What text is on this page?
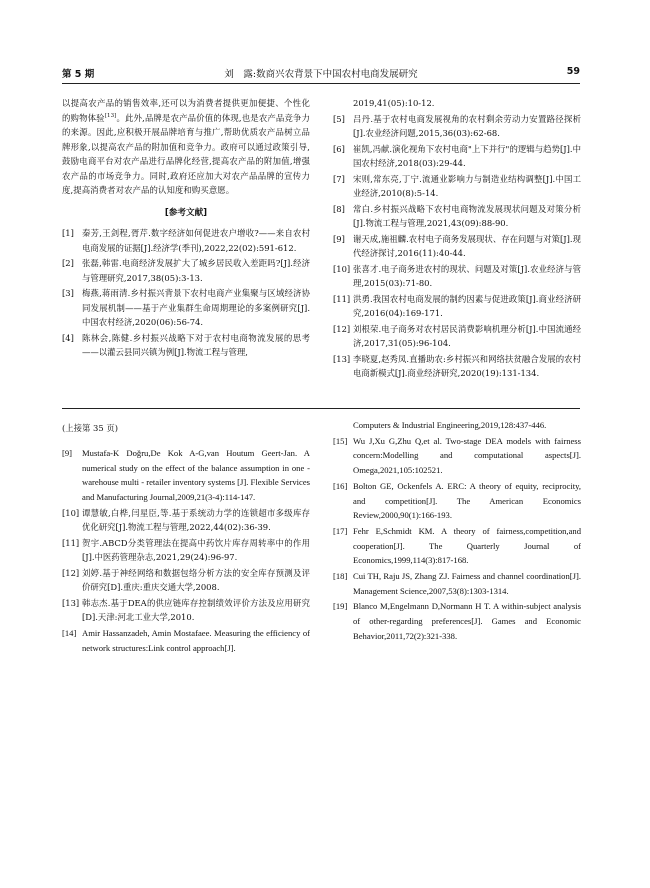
第 5 期	刘　露:数商兴农背景下中国农村电商发展研究	59

以提高农产品的销售效率,还可以为消费者提供更加便捷、个性化的购物体验[13]。此外,品牌是农产品价值的体现,也是农产品竞争力的来源。因此,应积极开展品牌培育与推广,帮助优质农产品树立品牌形象,以提高农产品的附加值和竞争力。政府可以通过政策引导,鼓励电商平台对农产品进行品牌化经营,提高农产品的附加值,增强农产品的市场竞争力。同时,政府还应加大对农产品品牌的宣传力度,提高消费者对农产品的认知度和购买意愿。

[参考文献]
[1] 秦芳,王剑程,胥芹.数字经济如何促进农户增收?——来自农村电商发展的证据[J].经济学(季刊),2022,22(02):591-612.
[2] 张磊,韩雷.电商经济发展扩大了城乡居民收入差距吗?[J].经济与管理研究,2017,38(05):3-13.
[3] 梅燕,蒋雨清.乡村振兴背景下农村电商产业集聚与区域经济协同发展机制——基于产业集群生命周期理论的多案例研究[J].中国农村经济,2020(06):56-74.
[4] 陈林会,陈健.乡村振兴战略下对于农村电商物流发展的思考——以灌云县同兴镇为例[J].物流工程与管理,
2019,41(05):10-12.
[5] 吕丹.基于农村电商发展视角的农村剩余劳动力安置路径探析[J].农业经济问题,2015,36(03):62-68.
[6] 崔凯,冯献.演化视角下农村电商"上下并行"的逻辑与趋势[J].中国农村经济,2018(03):29-44.
[7] 宋则,常东亮,丁宁.流通业影响力与制造业结构调整[J].中国工业经济,2010(8):5-14.
[8] 常白.乡村振兴战略下农村电商物流发展现状问题及对策分析[J].物流工程与管理,2021,43(09):88-90.
[9] 谢天成,施祖麟.农村电子商务发展现状、存在问题与对策[J].现代经济探讨,2016(11):40-44.
[10] 张喜才.电子商务进农村的现状、问题及对策[J].农业经济与管理,2015(03):71-80.
[11] 洪勇.我国农村电商发展的制约因素与促进政策[J].商业经济研究,2016(04):169-171.
[12] 刘根荣.电子商务对农村居民消费影响机理分析[J].中国流通经济,2017,31(05):96-104.
[13] 李晓夏,赵秀凤.直播助农:乡村振兴和网络扶贫融合发展的农村电商新模式[J].商业经济研究,2020(19):131-134.
(上接第 35 页)
[9] Mustafa-K Doğru,De Kok A-G,van Houtum Geert-Jan. A numerical study on the effect of the balance assumption in one - warehouse multi - retailer inventory systems [J]. Flexible Services and Manufacturing Journal,2009,21(3-4):114-147.
[10] 谭慧敏,白桦,闫星臣,等.基于系统动力学的连锁超市多级库存优化研究[J].物流工程与管理,2022,44(02):36-39.
[11] 贺宇.ABCD分类管理法在提高中药饮片库存周转率中的作用[J].中医药管理杂志,2021,29(24):96-97.
[12] 刘婷.基于神经网络和数据包络分析方法的安全库存预测及评价研究[D].重庆:重庆交通大学,2008.
[13] 韩志杰.基于DEA的供应链库存控制绩效评价方法及应用研究[D].天津:河北工业大学,2010.
[14] Amir Hassanzadeh, Amin Mostafaee. Measuring the efficiency of network structures:Link control approach[J].
Computers & Industrial Engineering,2019,128:437-446.
[15] Wu J,Xu G,Zhu Q,et al. Two-stage DEA models with fairness concern:Modelling and computational aspects[J]. Omega,2021,105:102521.
[16] Bolton GE, Ockenfels A. ERC: A theory of equity, reciprocity, and competition[J]. The American Economics Review,2000,90(1):166-193.
[17] Fehr E,Schmidt KM. A theory of fairness,competition,and cooperation[J]. The Quarterly Journal of Economics,1999,114(3):817-168.
[18] Cui TH, Raju JS, Zhang ZJ. Fairness and channel coordination[J]. Management Science,2007,53(8):1303-1314.
[19] Blanco M,Engelmann D,Normann H T. A within-subject analysis of other-regarding preferences[J]. Games and Economic Behavior,2011,72(2):321-338.
